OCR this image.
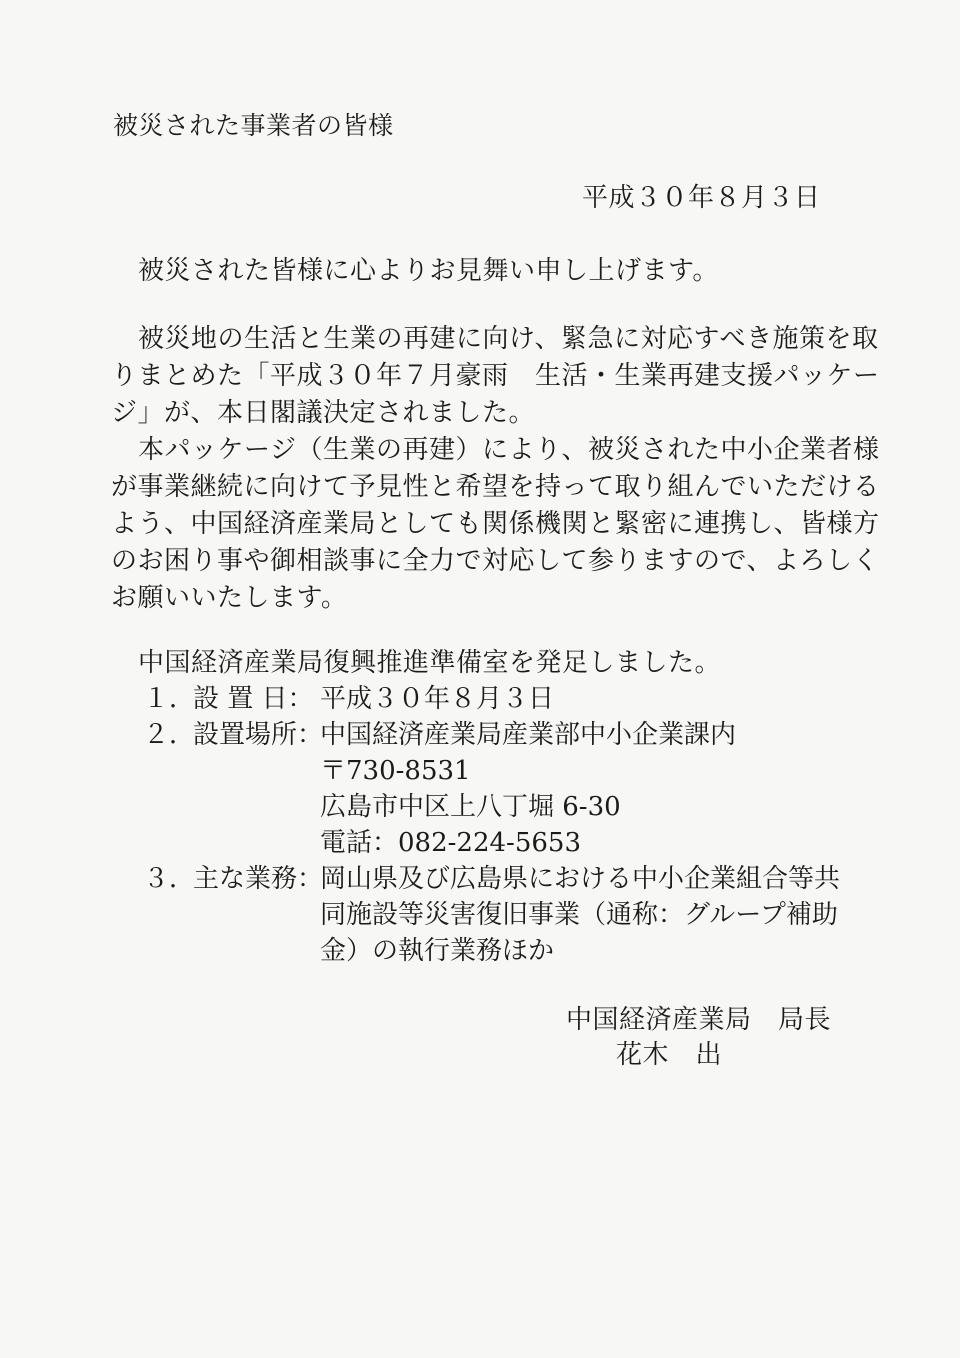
被災された事業者の皆様
平成３０年８月３日
被災された皆様に心よりお見舞い申し上げます。
被災地の生活と生業の再建に向け、緊急に対応すべき施策を取
りまとめた「平成３０年７月豪雨　生活・生業再建支援パッケー
ジ」が、本日閣議決定されました。
本パッケージ（生業の再建）により、被災された中小企業者様
が事業継続に向けて予見性と希望を持って取り組んでいただける
よう、中国経済産業局としても関係機関と緊密に連携し、皆様方
のお困り事や御相談事に全力で対応して参りますので、よろしく
お願いいたします。
中国経済産業局復興推進準備室を発足しました。
１．
設 置 日： 平成３０年８月３日
２．
設置場所：
中国経済産業局産業部中小企業課内
〒730-8531
広島市中区上八丁堀 6-30
電話：082-224-5653
３．
主な業務：
岡山県及び広島県における中小企業組合等共
同施設等災害復旧事業（通称：グループ補助
金）の執行業務ほか
中国経済産業局　局長
花木　出
